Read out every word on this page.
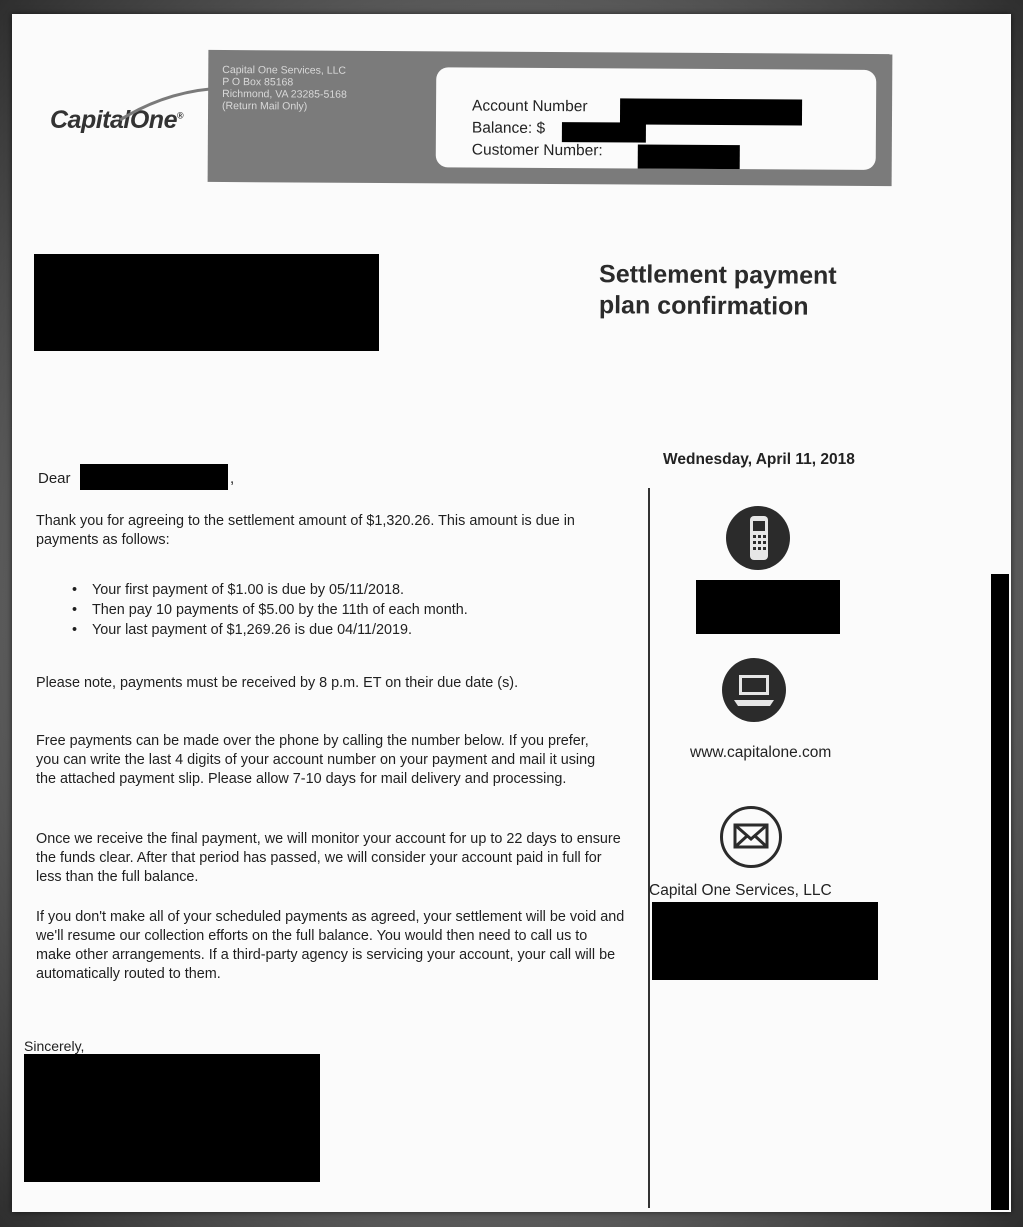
CapitalOne®
Capital One Services, LLC
P O Box 85168
Richmond, VA 23285-5168
(Return Mail Only)	Account Number
Balance: $
Customer Number:
Settlement payment
plan confirmation
Wednesday, April 11, 2018
Dear	,

Thank you for agreeing to the settlement amount of $1,320.26. This amount is due in payments as follows:

• Your first payment of $1.00 is due by 05/11/2018.
• Then pay 10 payments of $5.00 by the 11th of each month.
• Your last payment of $1,269.26 is due 04/11/2019.

Please note, payments must be received by 8 p.m. ET on their due date (s).

Free payments can be made over the phone by calling the number below. If you prefer, you can write the last 4 digits of your account number on your payment and mail it using the attached payment slip. Please allow 7-10 days for mail delivery and processing.

Once we receive the final payment, we will monitor your account for up to 22 days to ensure the funds clear. After that period has passed, we will consider your account paid in full for less than the full balance.

If you don't make all of your scheduled payments as agreed, your settlement will be void and we'll resume our collection efforts on the full balance. You would then need to call us to make other arrangements. If a third-party agency is servicing your account, your call will be automatically routed to them.

Sincerely,
www.capitalone.com
Capital One Services, LLC
